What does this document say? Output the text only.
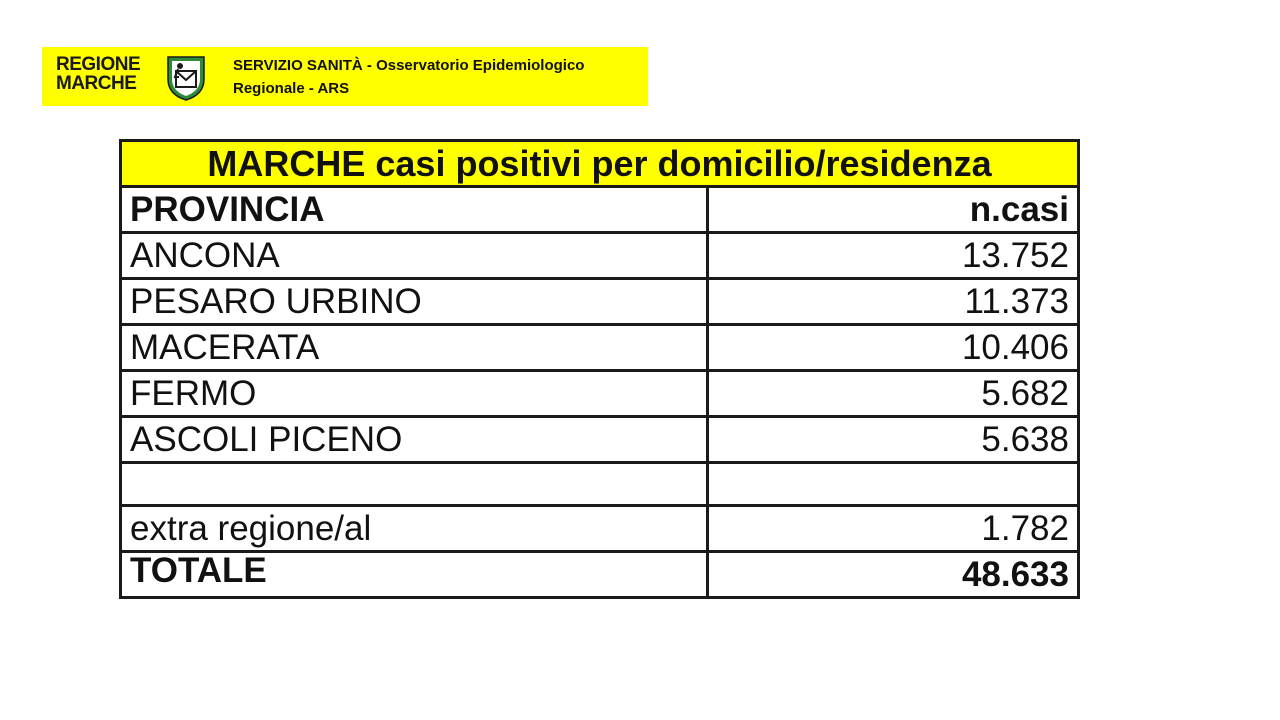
REGIONE
MARCHE
SERVIZIO SANITÀ - Osservatorio Epidemiologico
Regionale - ARS
MARCHE casi positivi per domicilio/residenza	
PROVINCIA	n.casi
ANCONA	13.752
PESARO URBINO	11.373
MACERATA	10.406
FERMO	5.682
ASCOLI PICENO	5.638

extra regione/al	1.782
TOTALE	48.633
